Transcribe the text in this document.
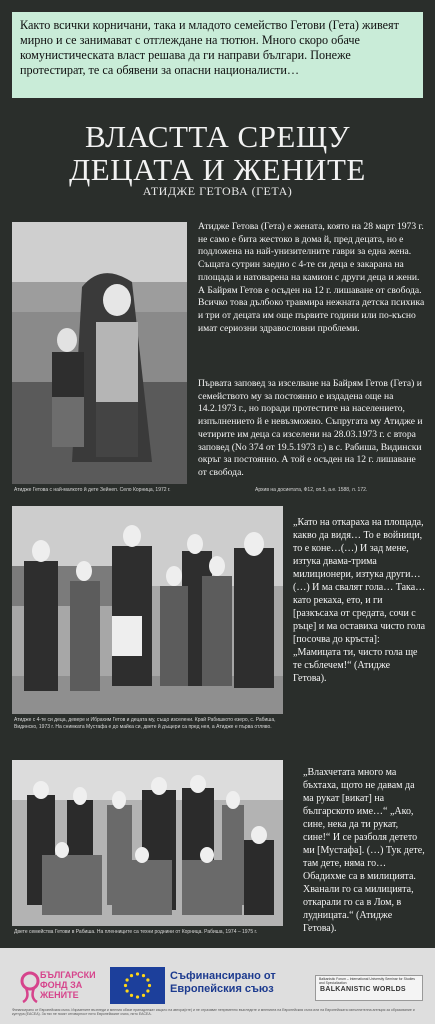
Както всички корничани, така и младото семейство Гетови (Гета) живеят мирно и се занимават с отглеждане на тютюн. Много скоро обаче комунистическата власт решава да ги направи българи. Понеже протестират, те са обявени за опасни националисти…
ВЛАСТТА СРЕЩУ
ДЕЦАТА И ЖЕНИТЕ
АТИДЖЕ ГЕТОВА (ГЕТА)
Атидже Гетова с най-малкото й дете Зейнеп. Село Корница, 1972 г.	Архив на досиетата, Ф12, оп.5, а.е. 1588, л. 172.
Атидже Гетова (Гета) е жената, която на 28 март 1973 г. не само е бита жестоко в дома й, пред децата, но е подложена на най-унизителните гаври за една жена. Същата сутрин заедно с 4-те си деца е закарана на площада и натоварена на камион с други деца и жени. А Байрям Гетов е осъден на 12 г. лишаване от свобода. Всичко това дълбоко травмира нежната детска психика и три от децата им още първите години или по-късно имат сериозни здравословни проблеми.
Първата заповед за изселване на Байрям Гетов (Гета) и семейството му за постоянно е издадена още на 14.2.1973 г., но поради протестите на населението, изпълнението й е невъзможно. Съпругата му Атидже и четирите им деца са изселени на 28.03.1973 г. с втора заповед (No 374 от 19.5.1973 г.) в с. Рабиша, Видински окръг за постоянно. А той е осъден на 12 г. лишаване от свобода.
Атидже с 4-те си деца, девере и Ибрахим Гетов и децата му, също изселени. Край Рабишкото езеро, с. Рабиша, Видинско, 1973 г. На снимката Мустафа е до майка си, двете й дъщери са пред нея, а Атидже е първа отляво.
„Като на откараха на площада, какво да видя… То е войници, то е коне…(…) И зад мене, изтука двама-трима милиционери, изтука други… (…) И ма свалят гола… Така… като рекаха, ето, и ги [разкъсаха от средата, сочи с ръце] и ма оставиха чисто гола [посочва до кръста]: „Мамицата ти, чисто гола ще те съблечем!“ (Атидже Гетова).
Двете семейства Гетови в Рабиша. На пленниците са техни роднини от Корница. Рабиша, 1974 – 1975 г.
„Влахчетата много ма бъхтаха, щото не давам да ма рукат [викат] на българското име…“ „Ако, сине, нека да ти рукат, сине!“ И се разболя детето ми [Мустафа]. (…) Тук дете, там дете, няма го… Обадихме са в милицията. Хванали го са милицията, откарали го са в Лом, в лудницата.“ (Атидже Гетова).
БЪЛГАРСКИ ФОНД ЗА ЖЕНИТЕ
Съфинансирано от Европейския съюз
Balkanistic Forum – International University Seminar for Studies and Specialization
BALKANISTIC WORLDS
Финансирано от Европейския съюз. Изразените възгледи и мнения обаче принадлежат изцяло на автора(ите) и не отразяват непременно възгледите и мненията на Европейския съюз или на Европейската изпълнителна агенция за образование и култура (EACEA). За тях не носят отговорност нито Европейският съюз, нито EACEA.
